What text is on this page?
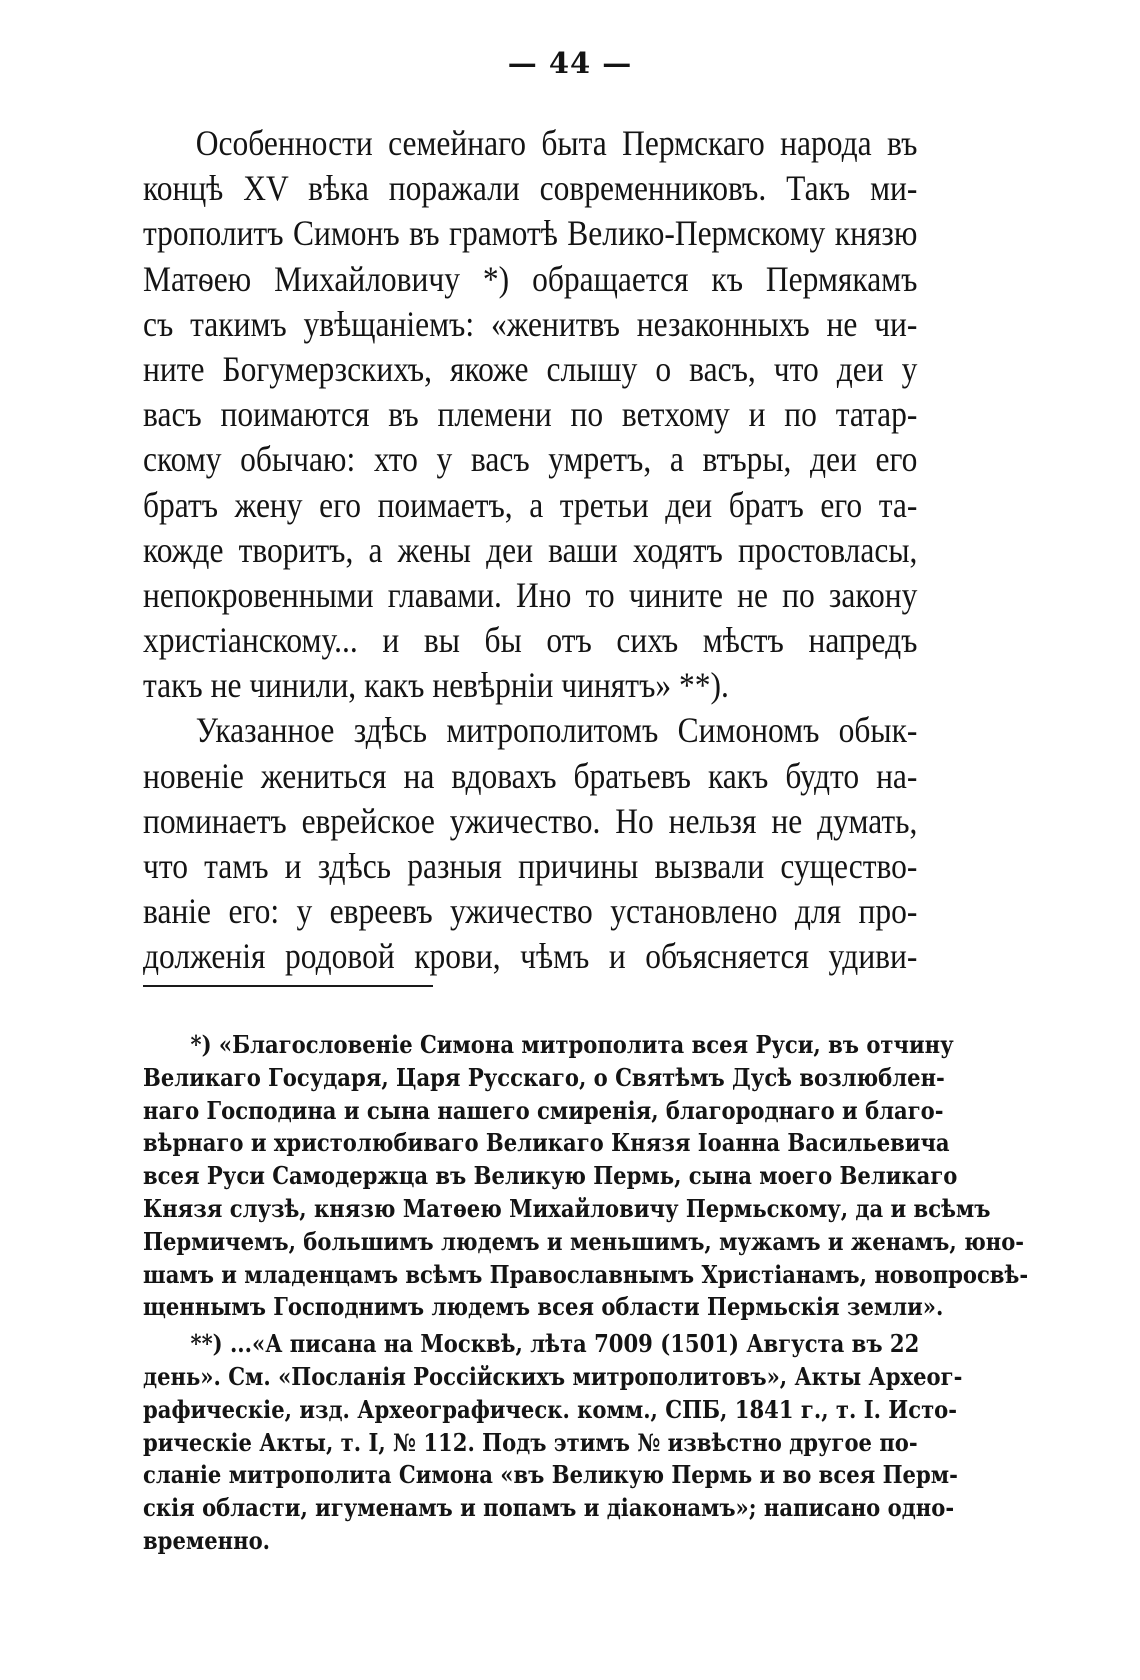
— 44 —
Особенности семейнаго быта Пермскаго народа въ
концѣ XV вѣка поражали современниковъ. Такъ ми-
трополитъ Симонъ въ грамотѣ Велико-Пермскому князю
Матѳею Михайловичу *) обращается къ Пермякамъ
съ такимъ увѣщаніемъ: «женитвъ незаконныхъ не чи-
ните Богумерзскихъ, якоже слышу о васъ, что деи у
васъ поимаются въ племени по ветхому и по татар-
скому обычаю: хто у васъ умретъ, а втъры, деи его
братъ жену его поимаетъ, а третьи деи братъ его та-
кожде творитъ, а жены деи ваши ходятъ простовласы,
непокровенными главами. Ино то чините не по закону
христіанскому... и вы бы отъ сихъ мѣстъ напредъ
такъ не чинили, какъ невѣрніи чинятъ» **).
Указанное здѣсь митрополитомъ Симономъ обык-
новеніе жениться на вдовахъ братьевъ какъ будто на-
поминаетъ еврейское ужичество. Но нельзя не думать,
что тамъ и здѣсь разныя причины вызвали существо-
ваніе его: у евреевъ ужичество установлено для про-
долженія родовой крови, чѣмъ и объясняется удиви-
*) «Благословеніе Симона митрополита всея Руси, въ отчину
Великаго Государя, Царя Русскаго, о Святѣмъ Дусѣ возлюблен-
наго Господина и сына нашего смиренія, благороднаго и благо-
вѣрнаго и христолюбиваго Великаго Князя Іоанна Васильевича
всея Руси Самодержца въ Великую Пермь, сына моего Великаго
Князя слузѣ, князю Матѳею Михайловичу Пермьскому, да и всѣмъ
Пермичемъ, большимъ людемъ и меньшимъ, мужамъ и женамъ, юно-
шамъ и младенцамъ всѣмъ Православнымъ Христіанамъ, новопросвѣ-
щеннымъ Господнимъ людемъ всея области Пермьскія земли».
**) ...«А писана на Москвѣ, лѣта 7009 (1501) Августа въ 22
день». См. «Посланія Россійскихъ митрополитовъ», Акты Археог-
рафическіе, изд. Археографическ. комм., СПБ, 1841 г., т. I. Исто-
рическіе Акты, т. I, № 112. Подъ этимъ № извѣстно другое по-
сланіе митрополита Симона «въ Великую Пермь и во всея Перм-
скія области, игуменамъ и попамъ и діаконамъ»; написано одно-
временно.
